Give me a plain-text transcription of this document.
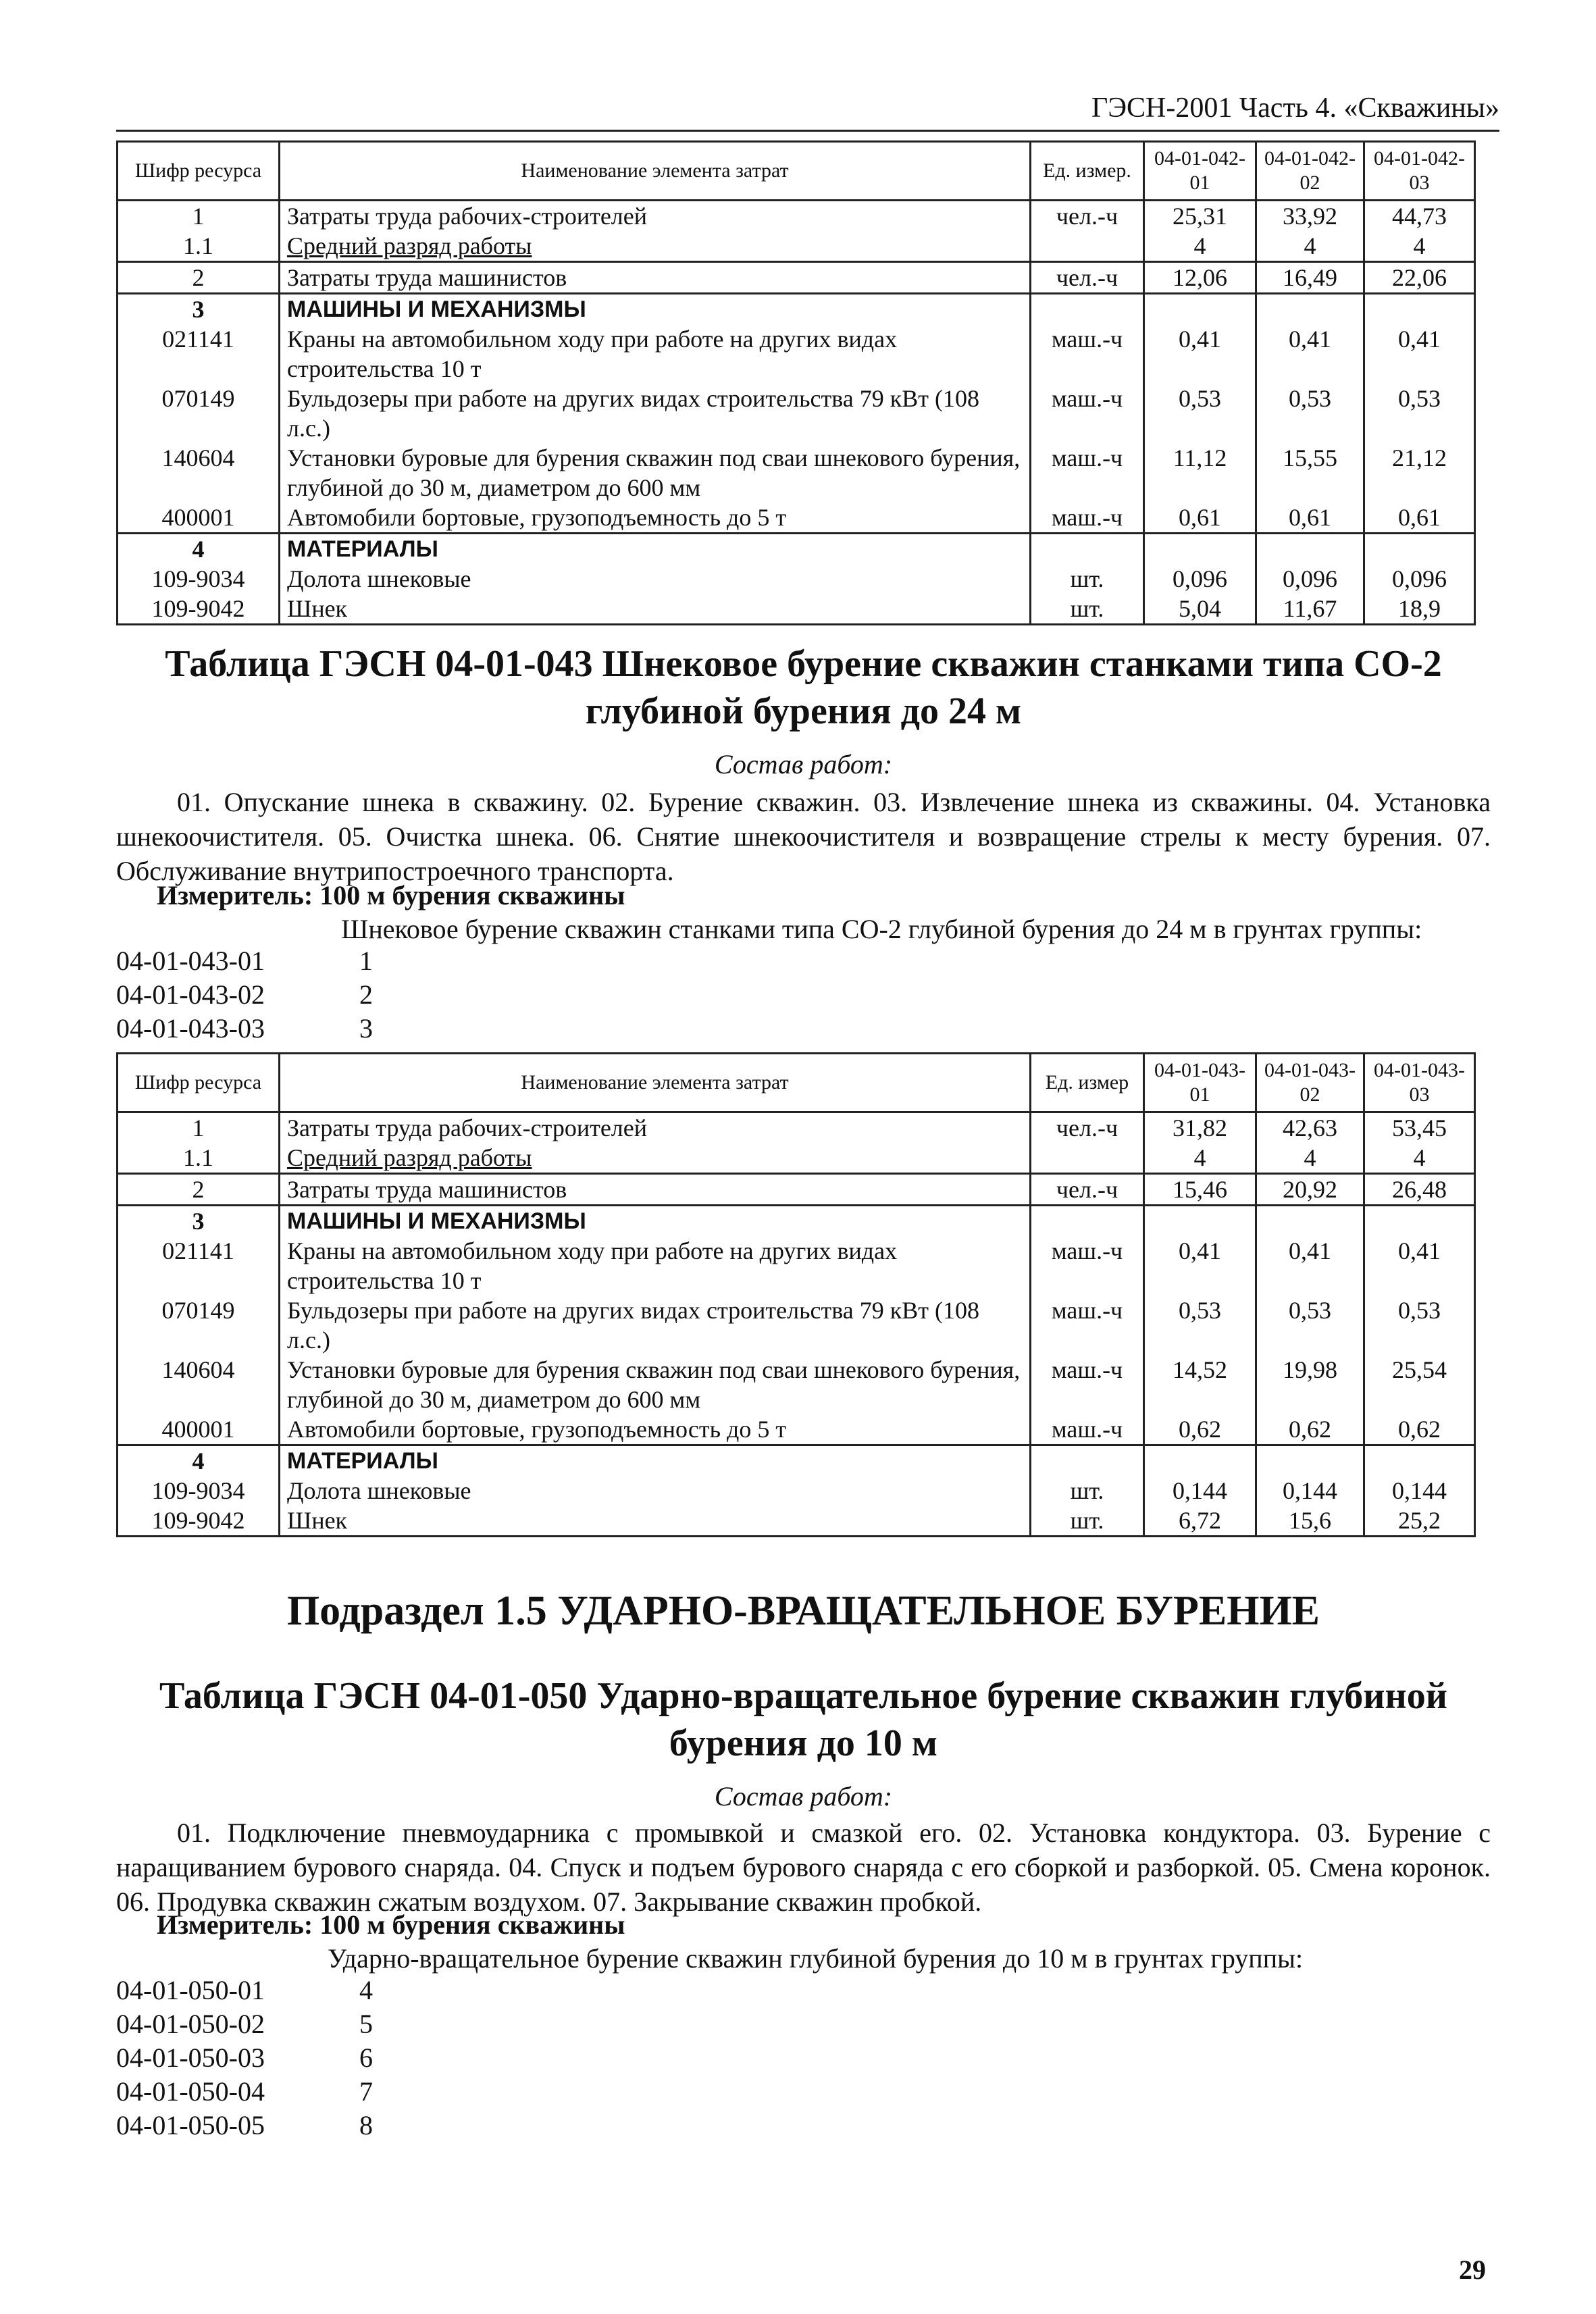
ГЭСН-2001 Часть 4. «Скважины»
Шифр ресурса	Наименование элемента затрат	Ед. измер.	04-01-042-01	04-01-042-02	04-01-042-03
1	Затраты труда рабочих-строителей	чел.-ч	25,31	33,92	44,73
1.1	Средний разряд работы		4	4	4
2	Затраты труда машинистов	чел.-ч	12,06	16,49	22,06
3	МАШИНЫ И МЕХАНИЗМЫ				
021141	Краны на автомобильном ходу при работе на других видах строительства 10 т	маш.-ч	0,41	0,41	0,41
070149	Бульдозеры при работе на других видах строительства 79 кВт (108 л.с.)	маш.-ч	0,53	0,53	0,53
140604	Установки буровые для бурения скважин под сваи шнекового бурения, глубиной до 30 м, диаметром до 600 мм	маш.-ч	11,12	15,55	21,12
400001	Автомобили бортовые, грузоподъемность до 5 т	маш.-ч	0,61	0,61	0,61
4	МАТЕРИАЛЫ				
109-9034	Долота шнековые	шт.	0,096	0,096	0,096
109-9042	Шнек	шт.	5,04	11,67	18,9
Таблица ГЭСН 04-01-043 Шнековое бурение скважин станками типа СО-2 глубиной бурения до 24 м
Состав работ:
01. Опускание шнека в скважину. 02. Бурение скважин. 03. Извлечение шнека из скважины. 04. Установка шнекоочистителя. 05. Очистка шнека. 06. Снятие шнекоочистителя и возвращение стрелы к месту бурения. 07. Обслуживание внутрипостроечного транспорта.
Измеритель: 100 м бурения скважины
Шнековое бурение скважин станками типа СО-2 глубиной бурения до 24 м в грунтах группы:
04-01-043-01	1
04-01-043-02	2
04-01-043-03	3
Шифр ресурса	Наименование элемента затрат	Ед. измер	04-01-043-01	04-01-043-02	04-01-043-03
1	Затраты труда рабочих-строителей	чел.-ч	31,82	42,63	53,45
1.1	Средний разряд работы		4	4	4
2	Затраты труда машинистов	чел.-ч	15,46	20,92	26,48
3	МАШИНЫ И МЕХАНИЗМЫ				
021141	Краны на автомобильном ходу при работе на других видах строительства 10 т	маш.-ч	0,41	0,41	0,41
070149	Бульдозеры при работе на других видах строительства 79 кВт (108 л.с.)	маш.-ч	0,53	0,53	0,53
140604	Установки буровые для бурения скважин под сваи шнекового бурения, глубиной до 30 м, диаметром до 600 мм	маш.-ч	14,52	19,98	25,54
400001	Автомобили бортовые, грузоподъемность до 5 т	маш.-ч	0,62	0,62	0,62
4	МАТЕРИАЛЫ				
109-9034	Долота шнековые	шт.	0,144	0,144	0,144
109-9042	Шнек	шт.	6,72	15,6	25,2
Подраздел 1.5 УДАРНО-ВРАЩАТЕЛЬНОЕ БУРЕНИЕ
Таблица ГЭСН 04-01-050 Ударно-вращательное бурение скважин глубиной бурения до 10 м
Состав работ:
01. Подключение пневмоударника с промывкой и смазкой его. 02. Установка кондуктора. 03. Бурение с наращиванием бурового снаряда. 04. Спуск и подъем бурового снаряда с его сборкой и разборкой. 05. Смена коронок. 06. Продувка скважин сжатым воздухом. 07. Закрывание скважин пробкой.
Измеритель: 100 м бурения скважины
Ударно-вращательное бурение скважин глубиной бурения до 10 м в грунтах группы:
04-01-050-01	4
04-01-050-02	5
04-01-050-03	6
04-01-050-04	7
04-01-050-05	8
29
